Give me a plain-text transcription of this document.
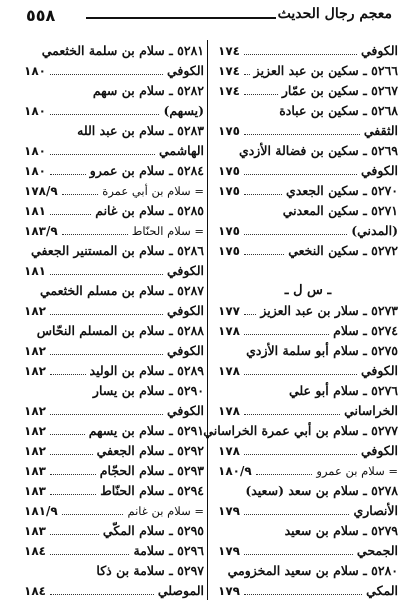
٥٥٨	معجم رجال الحديث
الكوفي
١٧٤
٥٢٦٦ ـ سكين بن عبد العزيز
١٧٤
٥٢٦٧ ـ سكين بن عمّار
١٧٤
٥٢٦٨ ـ سكين بن عبادة
الثقفي
١٧٥
٥٢٦٩ ـ سكين بن فضالة الأزدي
الكوفي
١٧٥
٥٢٧٠ ـ سكين الجعدي
١٧٥
٥٢٧١ ـ سكين المعدني
(المدني)
١٧٥
٥٢٧٢ ـ سكين النخعي
١٧٥
ـ س ل ـ
٥٢٧٣ ـ سلار بن عبد العزيز
١٧٧
٥٢٧٤ ـ سلام
١٧٨
٥٢٧٥ ـ سلام أبو سلمة الأزدي
الكوفي
١٧٨
٥٢٧٦ ـ سلام أبو علي
الخراساني
١٧٨
٥٢٧٧ ـ سلام بن أبي عمرة الخراساني
الكوفي
١٧٨
= سلام بن عمرو
١٨٠/٩
٥٢٧٨ ـ سلام بن سعد (سعيد)
الأنصاري
١٧٩
٥٢٧٩ ـ سلام بن سعيد
الجمحي
١٧٩
٥٢٨٠ ـ سلام بن سعيد المخزومي
المكي
١٧٩
٥٢٨١ ـ سلام بن سلمة الخثعمي
الكوفي
١٨٠
٥٢٨٢ ـ سلام بن سهم
(يسهم)
١٨٠
٥٢٨٣ ـ سلام بن عبد الله
الهاشمي
١٨٠
٥٢٨٤ ـ سلام بن عمرو
١٨٠
= سلام بن أبي عمرة
١٧٨/٩
٥٢٨٥ ـ سلام بن غانم
١٨١
= سلام الحنّاط
١٨٣/٩
٥٢٨٦ ـ سلام بن المستنير الجعفي
الكوفي
١٨١
٥٢٨٧ ـ سلام بن مسلم الخثعمي
الكوفي
١٨٢
٥٢٨٨ ـ سلام بن المسلم النحّاس
الكوفي
١٨٢
٥٢٨٩ ـ سلام بن الوليد
١٨٢
٥٢٩٠ ـ سلام بن يسار
الكوفي
١٨٢
٥٢٩١ ـ سلام بن يسهم
١٨٢
٥٢٩٢ ـ سلام الجعفي
١٨٢
٥٢٩٣ ـ سلام الحجّام
١٨٣
٥٢٩٤ ـ سلام الحنّاط
١٨٣
= سلام بن غانم
١٨١/٩
٥٢٩٥ ـ سلام المكّي
١٨٣
٥٢٩٦ ـ سلامة
١٨٤
٥٢٩٧ ـ سلامة بن ذكا
الموصلي
١٨٤
